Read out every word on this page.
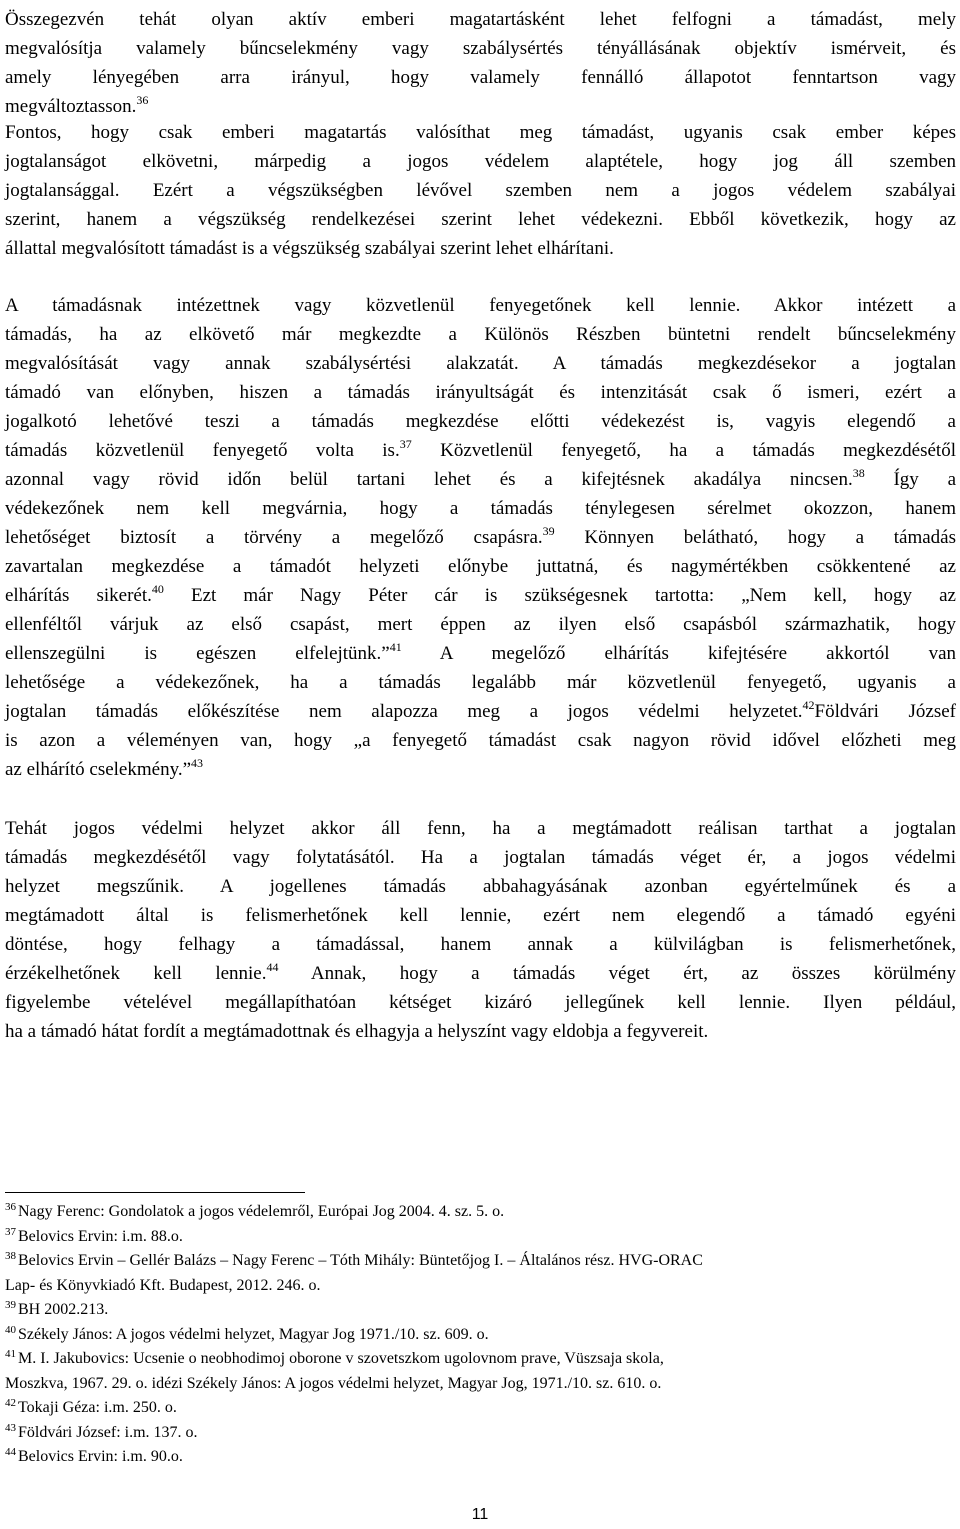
Összegezvén tehát olyan aktív emberi magatartásként lehet felfogni a támadást, mely
megvalósítja valamely bűncselekmény vagy szabálysértés tényállásának objektív ismérveit, és
amely lényegében arra irányul, hogy valamely fennálló állapotot fenntartson vagy
megváltoztasson.$^{36}$
Fontos, hogy csak emberi magatartás valósíthat meg támadást, ugyanis csak ember képes
jogtalanságot elkövetni, márpedig a jogos védelem alaptétele, hogy jog áll szemben
jogtalansággal. Ezért a végszükségben lévővel szemben nem a jogos védelem szabályai
szerint, hanem a végszükség rendelkezései szerint lehet védekezni. Ebből következik, hogy az
állattal megvalósított támadást is a végszükség szabályai szerint lehet elhárítani.
A támadásnak intézettnek vagy közvetlenül fenyegetőnek kell lennie. Akkor intézett a
támadás, ha az elkövető már megkezdte a Különös Részben büntetni rendelt bűncselekmény
megvalósítását vagy annak szabálysértési alakzatát. A támadás megkezdésekor a jogtalan
támadó van előnyben, hiszen a támadás irányultságát és intenzitását csak ő ismeri, ezért a
jogalkotó lehetővé teszi a támadás megkezdése előtti védekezést is, vagyis elegendő a
támadás közvetlenül fenyegető volta is.$^{37}$ Közvetlenül fenyegető, ha a támadás megkezdésétől
azonnal vagy rövid időn belül tartani lehet és a kifejtésnek akadálya nincsen.$^{38}$ Így a
védekezőnek nem kell megvárnia, hogy a támadás ténylegesen sérelmet okozzon, hanem
lehetőséget biztosít a törvény a megelőző csapásra.$^{39}$ Könnyen belátható, hogy a támadás
zavartalan megkezdése a támadót helyzeti előnybe juttatná, és nagymértékben csökkentené az
elhárítás sikerét.$^{40}$ Ezt már Nagy Péter cár is szükségesnek tartotta: „Nem kell, hogy az
ellenféltől várjuk az első csapást, mert éppen az ilyen első csapásból származhatik, hogy
ellenszegülni is egészen elfelejtünk.”$^{41}$ A megelőző elhárítás kifejtésére akkortól van
lehetősége a védekezőnek, ha a támadás legalább már közvetlenül fenyegető, ugyanis a
jogtalan támadás előkészítése nem alapozza meg a jogos védelmi helyzetet.$^{42}$Földvári József
is azon a véleményen van, hogy „a fenyegető támadást csak nagyon rövid idővel előzheti meg
az elhárító cselekmény.”$^{43}$
Tehát jogos védelmi helyzet akkor áll fenn, ha a megtámadott reálisan tarthat a jogtalan
támadás megkezdésétől vagy folytatásától. Ha a jogtalan támadás véget ér, a jogos védelmi
helyzet megszűnik. A jogellenes támadás abbahagyásának azonban egyértelműnek és a
megtámadott által is felismerhetőnek kell lennie, ezért nem elegendő a támadó egyéni
döntése, hogy felhagy a támadással, hanem annak a külvilágban is felismerhetőnek,
érzékelhetőnek kell lennie.$^{44}$ Annak, hogy a támadás véget ért, az összes körülmény
figyelembe vételével megállapíthatóan kétséget kizáró jellegűnek kell lennie. Ilyen például,
ha a támadó hátat fordít a megtámadottnak és elhagyja a helyszínt vagy eldobja a fegyvereit.
$^{36}$ Nagy Ferenc: Gondolatok a jogos védelemről, Európai Jog 2004. 4. sz. 5. o.
$^{37}$ Belovics Ervin: i.m. 88.o.
$^{38}$ Belovics Ervin – Gellér Balázs – Nagy Ferenc – Tóth Mihály: Büntetőjog I. – Általános rész. HVG-ORAC
Lap- és Könyvkiadó Kft. Budapest, 2012. 246. o.
$^{39}$ BH 2002.213.
$^{40}$ Székely János: A jogos védelmi helyzet, Magyar Jog 1971./10. sz. 609. o.
$^{41}$ M. I. Jakubovics: Ucsenie o neobhodimoj oborone v szovetszkom ugolovnom prave, Vüszsaja skola,
Moszkva, 1967. 29. o. idézi Székely János: A jogos védelmi helyzet, Magyar Jog, 1971./10. sz. 610. o.
$^{42}$ Tokaji Géza: i.m. 250. o.
$^{43}$ Földvári József: i.m. 137. o.
$^{44}$ Belovics Ervin: i.m. 90.o.
11
